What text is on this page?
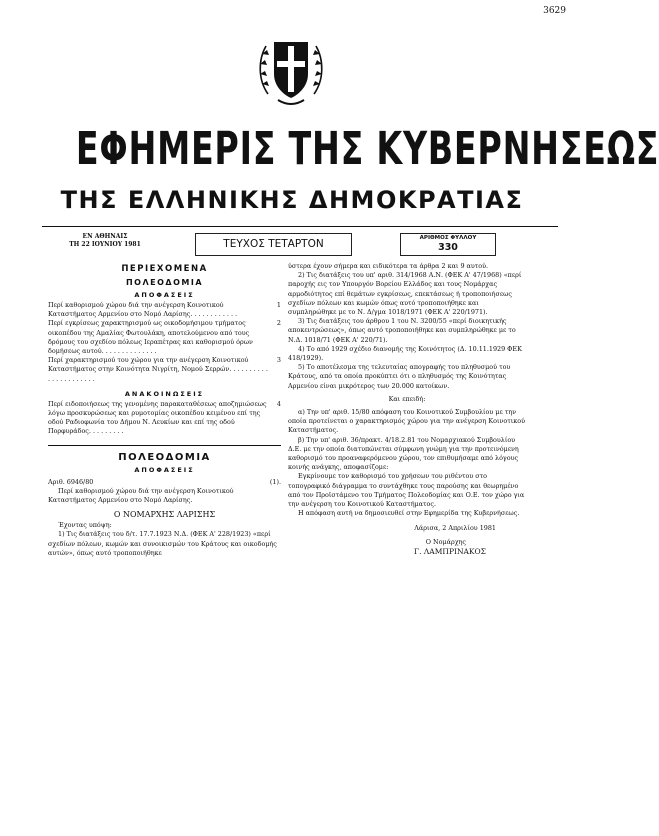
3629
ΕΦΗΜΕΡΙΣ ΤΗΣ ΚΥΒΕΡΝΗΣΕΩΣ
ΤΗΣ ΕΛΛΗΝΙΚΗΣ ΔΗΜΟΚΡΑΤΙΑΣ
ΕΝ ΑΘΗΝΑΙΣ
ΤΗ 22 ΙΟΥΝΙΟΥ 1981	ΤΕΥΧΟΣ ΤΕΤΑΡΤΟΝ	ΑΡΙΘΜΟΣ ΦΥΛΛΟΥ
330
ΠΕΡΙΕΧΟΜΕΝΑ
ΠΟΛΕΟΔΟΜΙΑ
ΑΠΟΦΑΣΕΙΣ
Περί καθορισμού χώρου διά την ανέγερση Κοινοτικού Καταστήματος Αρμενίου στο Νομό Λαρίσης. . . . . . . . . . . .
1
Περί εγκρίσεως χαρακτηρισμού ως οικοδομήσιμου τμήματος οικοπέδου της Αμαλίας Φωτουλάκη, αποτελούμενου από τους δρόμους του σχεδίου πόλεως Ιεραπέτρας και καθορισμού όρων δομήσεως αυτού. . . . . . . . . . . . . .
2
Περί χαρακτηρισμού του χώρου για την ανέγερση Κοινοτικού Καταστήματος στην Κοινότητα Νιγρίτη, Νομού Σερρών. . . . . . . . . . . . . . . . . . . . . .
3
ΑΝΑΚΟΙΝΩΣΕΙΣ
Περί ειδοποιήσεως της γενομένης παρακαταθέσεως αποζημιώσεως λόγω προσκυρώσεως και ρυμοτομίας οικοπέδου κειμένου επί της οδού Ραδιοφωνία του Δήμου Ν. Λευκίων και επί της οδού Πορφυράδος. . . . . . . . .
4
ΠΟΛΕΟΔΟΜΙΑ
ΑΠΟΦΑΣΕΙΣ
Αριθ. 6946/80	(1).

Περί καθορισμού χώρου διά την ανέγερση Κοινοτικού Καταστήματος Αρμενίου στο Νομό Λαρίσης.

Ο ΝΟΜΑΡΧΗΣ ΛΑΡΙΣΗΣ

Έχοντας υπόψη:

1) Τις διατάξεις του δ/τ. 17.7.1923 Ν.Δ. (ΦΕΚ Α' 228/1923) «περί σχεδίων πόλεων, κωμών και συνοικισμών του Κράτους και οικοδομής αυτών», όπως αυτό τροποποιήθηκε

ύστερα έχουν σήμερα και ειδικότερα τα άρθρα 2 και 9 αυτού.

2) Τις διατάξεις του υπ' αριθ. 314/1968 Α.Ν. (ΦΕΚ Α' 47/1968) «περί παροχής εις τον Υπουργόν Βορείου Ελλάδος και τους Νομάρχας αρμοδιότητος επί θεμάτων εγκρίσεως, επεκτάσεως ή τροποποιήσεως σχεδίων πόλεων και κωμών όπως αυτό τροποποιήθηκε και συμπληρώθηκε με το Ν. Δ/γμα 1018/1971 (ΦΕΚ Α' 220/1971).

3) Τις διατάξεις του άρθρου 1 του Ν. 3200/55 «περί διοικητικής αποκεντρώσεως», όπως αυτό τροποποιήθηκε και συμπληρώθηκε με το Ν.Δ. 1018/71 (ΦΕΚ Α' 220/71).

4) Το από 1929 σχέδιο διανομής της Κοινότητος (Δ. 10.11.1929 ΦΕΚ 418/1929).

5) Το αποτέλεσμα της τελευταίας απογραφής του πληθυσμού του Κράτους, από τα οποία προκύπτει ότι ο πληθυσμός της Κοινότητας Αρμενίου είναι μικρότερος των 20.000 κατοίκων.

Και επειδή:

α) Την υπ' αριθ. 15/80 απόφαση του Κοινοτικού Συμβουλίου με την οποία προτείνεται ο χαρακτηρισμός χώρου για την ανέγερση Κοινοτικού Καταστήματος.

β) Την υπ' αριθ. 36/πρακτ. 4/18.2.81 του Νομαρχιακού Συμβουλίου Δ.Ε. με την οποία διατυπώνεται σύμφωνη γνώμη για την προτεινόμενη καθορισμό του προαναφερόμενου χώρου, τον επιθυμήσαμε από λόγους κοινής ανάγκης, αποφασίζομε:

Εγκρίνουμε τον καθορισμό του χρήσεων του ριθέντου στο τοπογραφικό διάγραμμα το συντάχθηκε τους παρούσης και θεωρημένο από τον Προϊστάμενο του Τμήματος Πολεοδομίας και Ο.Ε. τον χώρο για την ανέγερση του Κοινοτικού Καταστήματος.

Η απόφαση αυτή να δημοσιευθεί στην Εφημερίδα της Κυβερνήσεως.

Λάρισα, 2 Απριλίου 1981

Ο Νομάρχης

Γ. ΛΑΜΠΡΙΝΑΚΟΣ
